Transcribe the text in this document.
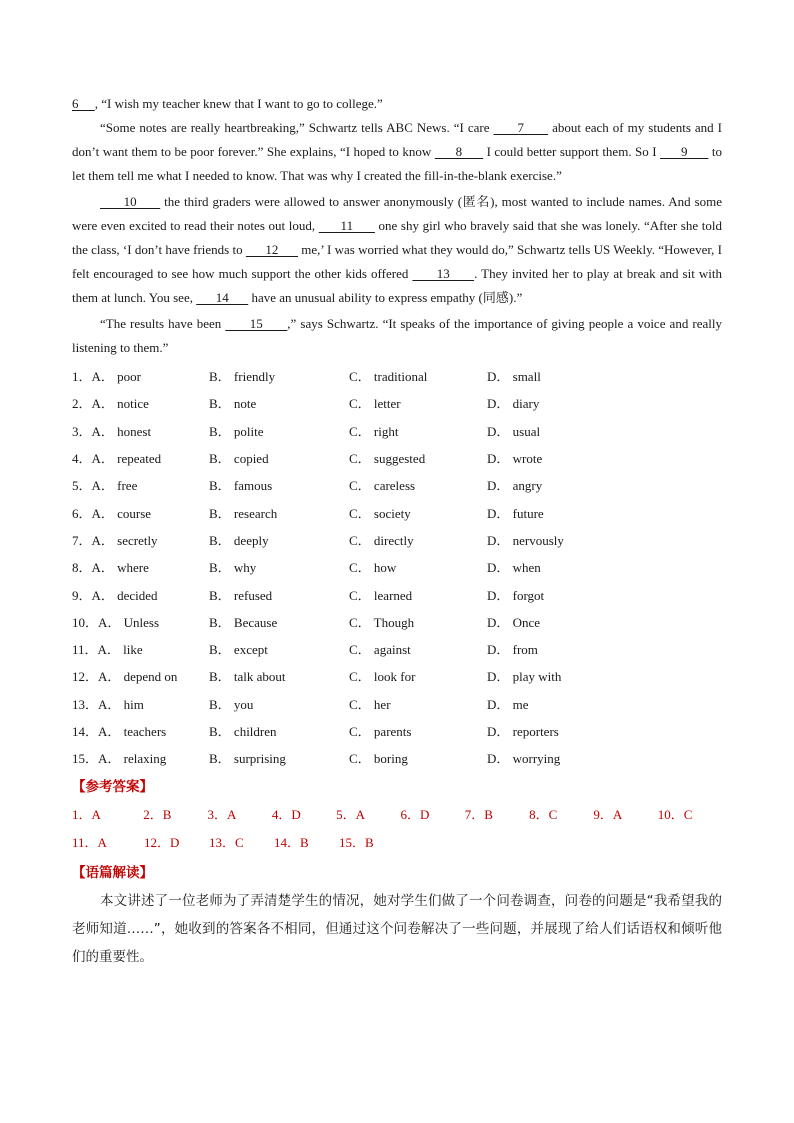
6     , “I wish my teacher knew that I want to go to college.”

“Some notes are really heartbreaking,” Schwartz tells ABC News. “I care       7       about each of my students and I don’t want them to be poor forever.” She explains, “I hoped to know       8       I could better support them. So I       9       to let them tell me what I needed to know. That was why I created the fill-in-the-blank exercise.”

10       the third graders were allowed to answer anonymously (匿名), most wanted to include names. And some were even excited to read their notes out loud,       11       one shy girl who bravely said that she was lonely. “After she told the class, ‘I don’t have friends to       12       me,’ I was worried what they would do,” Schwartz tells US Weekly. “However, I felt encouraged to see how much support the other kids offered       13      . They invited her to play at break and sit with them at lunch. You see,       14       have an unusual ability to express empathy (同感).”

“The results have been       15      ,” says Schwartz. “It speaks of the importance of giving people a voice and really listening to them.”

1．A． poor	B． friendly	C． traditional	D． small
2．A． notice	B． note	C． letter	D． diary
3．A． honest	B． polite	C． right	D． usual
4．A． repeated	B． copied	C． suggested	D． wrote
5．A． free	B． famous	C． careless	D． angry
6．A． course	B． research	C． society	D． future
7．A． secretly	B． deeply	C． directly	D． nervously
8．A． where	B． why	C． how	D． when
9．A． decided	B． refused	C． learned	D． forgot
10．A． Unless	B． Because	C． Though	D． Once
11．A． like	B． except	C． against	D． from
12．A． depend on	B． talk about	C． look for	D． play with
13．A． him	B． you	C． her	D． me
14．A． teachers	B． children	C． parents	D． reporters
15．A． relaxing	B． surprising	C． boring	D． worrying
【参考答案】
1．A	2．B	3．A	4．D	5．A	6．D	7．B	8．C	9．A	10．C
11．A	12．D	13．C	14．B	15．B
【语篇解读】

本文讲述了一位老师为了弄清楚学生的情况，她对学生们做了一个问卷调查，问卷的问题是“我希望我的老师知道……”，她收到的答案各不相同，但通过这个问卷解决了一些问题，并展现了给人们话语权和倾听他们的重要性。
